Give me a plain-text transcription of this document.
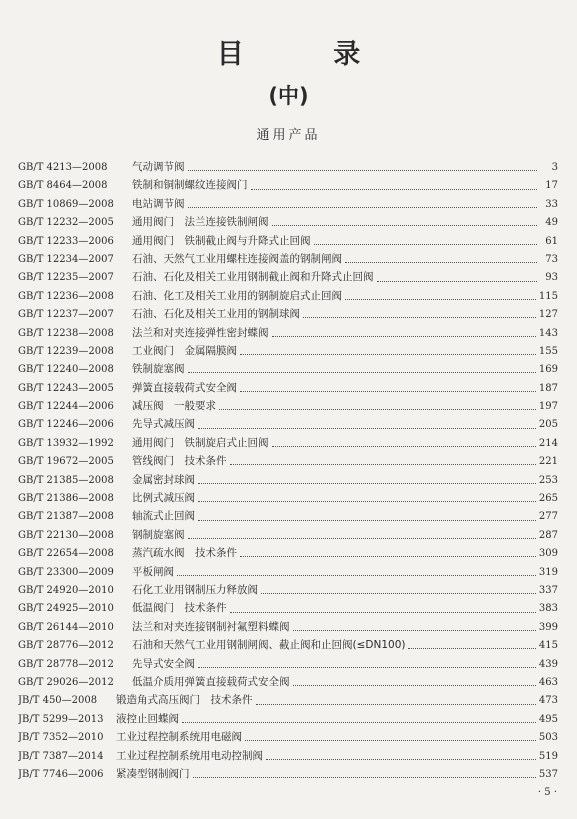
目 录
(中)
通用产品
GB/T 4213—2008	气动调节阀	3
GB/T 8464—2008	铁制和铜制螺纹连接阀门	17
GB/T 10869—2008	电站调节阀	33
GB/T 12232—2005	通用阀门　法兰连接铁制闸阀	49
GB/T 12233—2006	通用阀门　铁制截止阀与升降式止回阀	61
GB/T 12234—2007	石油、天然气工业用螺柱连接阀盖的钢制闸阀	73
GB/T 12235—2007	石油、石化及相关工业用钢制截止阀和升降式止回阀	93
GB/T 12236—2008	石油、化工及相关工业用的钢制旋启式止回阀	115
GB/T 12237—2007	石油、石化及相关工业用的钢制球阀	127
GB/T 12238—2008	法兰和对夹连接弹性密封蝶阀	143
GB/T 12239—2008	工业阀门　金属隔膜阀	155
GB/T 12240—2008	铁制旋塞阀	169
GB/T 12243—2005	弹簧直接载荷式安全阀	187
GB/T 12244—2006	减压阀　一般要求	197
GB/T 12246—2006	先导式减压阀	205
GB/T 13932—1992	通用阀门　铁制旋启式止回阀	214
GB/T 19672—2005	管线阀门　技术条件	221
GB/T 21385—2008	金属密封球阀	253
GB/T 21386—2008	比例式减压阀	265
GB/T 21387—2008	轴流式止回阀	277
GB/T 22130—2008	钢制旋塞阀	287
GB/T 22654—2008	蒸汽疏水阀　技术条件	309
GB/T 23300—2009	平板闸阀	319
GB/T 24920—2010	石化工业用钢制压力释放阀	337
GB/T 24925—2010	低温阀门　技术条件	383
GB/T 26144—2010	法兰和对夹连接钢制衬氟塑料蝶阀	399
GB/T 28776—2012	石油和天然气工业用钢制闸阀、截止阀和止回阀(≤DN100)	415
GB/T 28778—2012	先导式安全阀	439
GB/T 29026—2012	低温介质用弹簧直接载荷式安全阀	463
JB/T 450—2008	锻造角式高压阀门　技术条件	473
JB/T 5299—2013	液控止回蝶阀	495
JB/T 7352—2010	工业过程控制系统用电磁阀	503
JB/T 7387—2014	工业过程控制系统用电动控制阀	519
JB/T 7746—2006	紧凑型钢制阀门	537
· 5 ·
